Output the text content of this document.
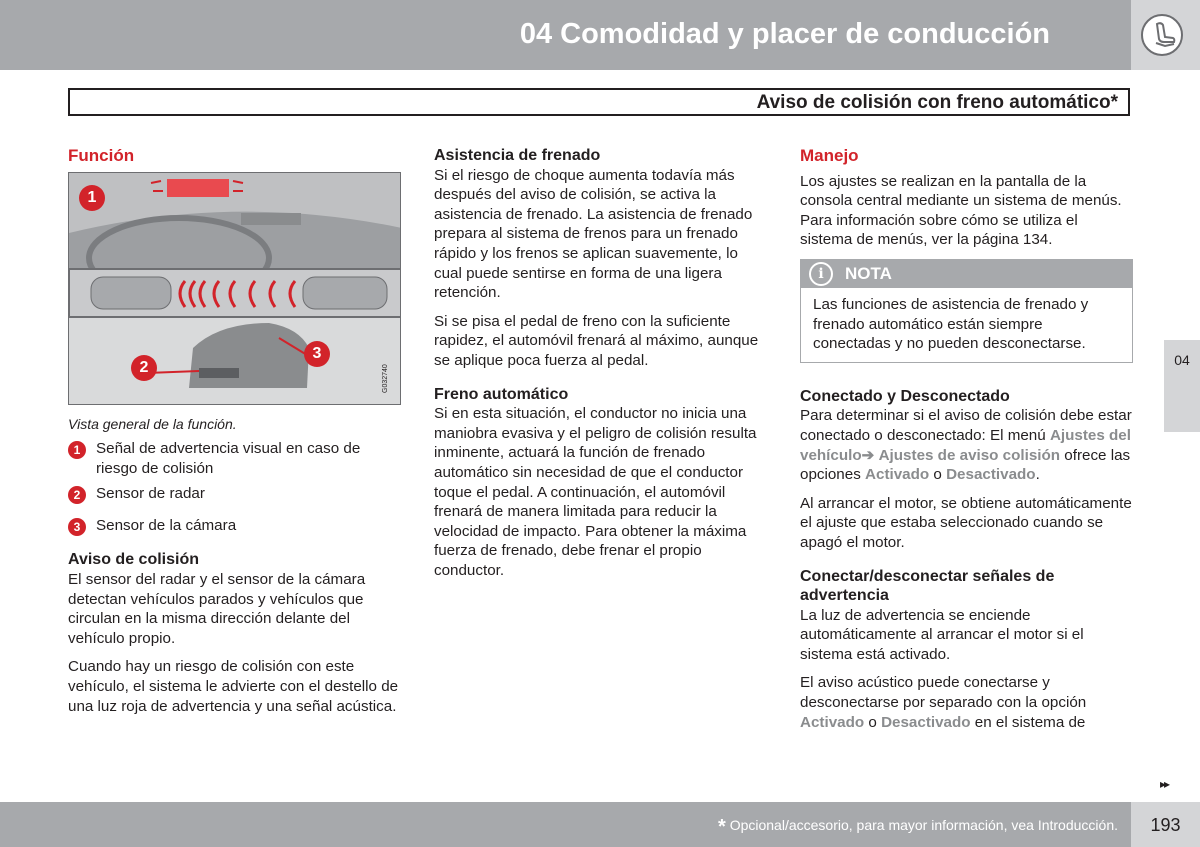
04 Comodidad y placer de conducción
Aviso de colisión con freno automático*
Función
G032740
1
2
3
Vista general de la función.
1	Señal de advertencia visual en caso de riesgo de colisión
2	Sensor de radar
3	Sensor de la cámara
Aviso de colisión

El sensor del radar y el sensor de la cámara detectan vehículos parados y vehículos que circulan en la misma dirección delante del vehículo propio.

Cuando hay un riesgo de colisión con este vehículo, el sistema le advierte con el destello de una luz roja de advertencia y una señal acústica.

Asistencia de frenado

Si el riesgo de choque aumenta todavía más después del aviso de colisión, se activa la asistencia de frenado. La asistencia de frenado prepara al sistema de frenos para un frenado rápido y los frenos se aplican suavemente, lo cual puede sentirse en forma de una ligera retención.

Si se pisa el pedal de freno con la suficiente rapidez, el automóvil frenará al máximo, aunque se aplique poca fuerza al pedal.

Freno automático

Si en esta situación, el conductor no inicia una maniobra evasiva y el peligro de colisión resulta inminente, actuará la función de frenado automático sin necesidad de que el conductor toque el pedal. A continuación, el automóvil frenará de manera limitada para reducir la velocidad de impacto. Para obtener la máxima fuerza de frenado, debe frenar el propio conductor.

Manejo

Los ajustes se realizan en la pantalla de la consola central mediante un sistema de menús. Para información sobre cómo se utiliza el sistema de menús, ver la página 134.

i	NOTA
Las funciones de asistencia de frenado y frenado automático están siempre conectadas y no pueden desconectarse.
Conectado y Desconectado

Para determinar si el aviso de colisión debe estar conectado o desconectado: El menú Ajustes del vehículo➔ Ajustes de aviso colisión ofrece las opciones Activado o Desactivado.

Al arrancar el motor, se obtiene automáticamente el ajuste que estaba seleccionado cuando se apagó el motor.

Conectar/desconectar señales de advertencia

La luz de advertencia se enciende automáticamente al arrancar el motor si el sistema está activado.

El aviso acústico puede conectarse y desconectarse por separado con la opción Activado o Desactivado en el sistema de

04
▸▸
* Opcional/accesorio, para mayor información, vea Introducción.	193
